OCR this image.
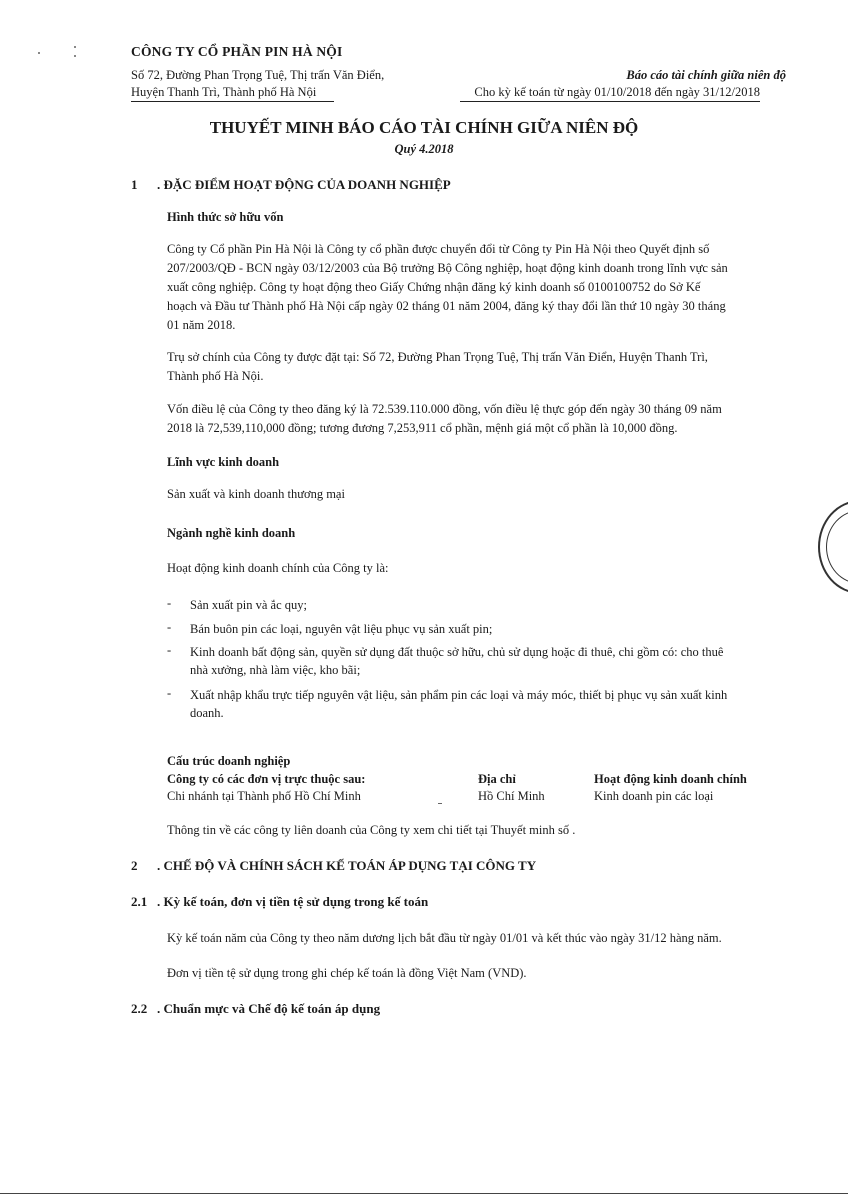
CÔNG TY CỔ PHẦN PIN HÀ NỘI
Số 72, Đường Phan Trọng Tuệ, Thị trấn Văn Điển,
Huyện Thanh Trì, Thành phố Hà Nội
Báo cáo tài chính giữa niên độ
Cho kỳ kế toán từ ngày 01/10/2018 đến ngày 31/12/2018
THUYẾT MINH BÁO CÁO TÀI CHÍNH GIỮA NIÊN ĐỘ
Quý 4.2018
1 . ĐẶC ĐIỂM HOẠT ĐỘNG CỦA DOANH NGHIỆP
Hình thức sở hữu vốn
Công ty Cổ phần Pin Hà Nội là Công ty cổ phần được chuyển đổi từ Công ty Pin Hà Nội theo Quyết định số
207/2003/QĐ - BCN ngày 03/12/2003 của Bộ trưởng Bộ Công nghiệp, hoạt động kinh doanh trong lĩnh vực sản
xuất công nghiệp. Công ty hoạt động theo Giấy Chứng nhận đăng ký kinh doanh số 0100100752 do Sở Kế
hoạch và Đầu tư Thành phố Hà Nội cấp ngày 02 tháng 01 năm 2004, đăng ký thay đổi lần thứ 10 ngày 30 tháng
01 năm 2018.
Trụ sở chính của Công ty được đặt tại: Số 72, Đường Phan Trọng Tuệ, Thị trấn Văn Điển, Huyện Thanh Trì,
Thành phố Hà Nội.
Vốn điều lệ của Công ty theo đăng ký là 72.539.110.000 đồng, vốn điều lệ thực góp đến ngày 30 tháng 09 năm
2018 là 72,539,110,000 đồng; tương đương 7,253,911 cổ phần, mệnh giá một cổ phần là 10,000 đồng.
Lĩnh vực kinh doanh
Sản xuất và kinh doanh thương mại
Ngành nghề kinh doanh
Hoạt động kinh doanh chính của Công ty là:
- Sản xuất pin và ắc quy;
- Bán buôn pin các loại, nguyên vật liệu phục vụ sản xuất pin;
- Kinh doanh bất động sản, quyền sử dụng đất thuộc sở hữu, chủ sử dụng hoặc đi thuê, chi gồm có: cho thuê
nhà xưởng, nhà làm việc, kho bãi;
- Xuất nhập khẩu trực tiếp nguyên vật liệu, sản phẩm pin các loại và máy móc, thiết bị phục vụ sản xuất kinh
doanh.
Cấu trúc doanh nghiệp
Công ty có các đơn vị trực thuộc sau:	Địa chỉ	Hoạt động kinh doanh chính
Chi nhánh tại Thành phố Hồ Chí Minh	Hồ Chí Minh	Kinh doanh pin các loại
Thông tin về các công ty liên doanh của Công ty xem chi tiết tại Thuyết minh số .
2 . CHẾ ĐỘ VÀ CHÍNH SÁCH KẾ TOÁN ÁP DỤNG TẠI CÔNG TY
2.1 . Kỳ kế toán, đơn vị tiền tệ sử dụng trong kế toán
Kỳ kế toán năm của Công ty theo năm dương lịch bắt đầu từ ngày 01/01 và kết thúc vào ngày 31/12 hàng năm.
Đơn vị tiền tệ sử dụng trong ghi chép kế toán là đồng Việt Nam (VND).
2.2 . Chuẩn mực và Chế độ kế toán áp dụng
